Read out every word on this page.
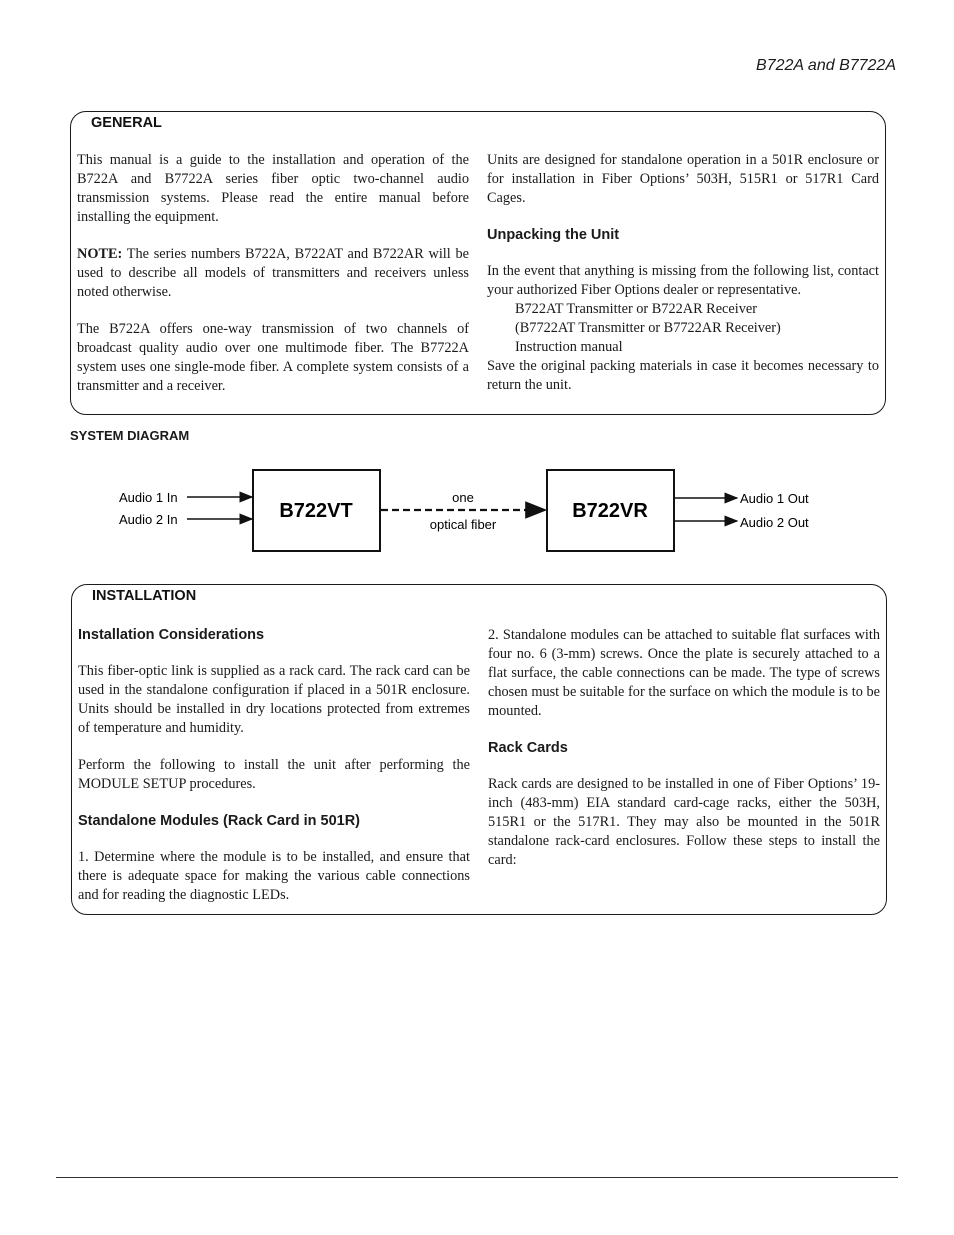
B722A and B7722A
GENERAL

This manual is a guide to the installation and operation of the B722A and B7722A series fiber optic two-channel audio transmission systems. Please read the entire manual before installing the equipment.

NOTE: The series numbers B722A, B722AT and B722AR will be used to describe all models of transmitters and receivers unless noted otherwise.

The B722A offers one-way transmission of two channels of broadcast quality audio over one multimode fiber. The B7722A system uses one single-mode fiber. A complete system consists of a transmitter and a receiver.

Units are designed for standalone operation in a 501R enclosure or for installation in Fiber Options’ 503H, 515R1 or 517R1 Card Cages.

Unpacking the Unit
In the event that anything is missing from the following list, contact your authorized Fiber Options dealer or representative.
B722AT Transmitter or B722AR Receiver
(B7722AT Transmitter or B7722AR Receiver)
Instruction manual
Save the original packing materials in case it becomes necessary to return the unit.
SYSTEM DIAGRAM
Audio 1 In
Audio 2 In	B722VT
one
optical fiber
B722VR
Audio 1 Out
Audio 2 Out
INSTALLATION
Installation Considerations

This fiber-optic link is supplied as a rack card. The rack card can be used in the standalone configuration if placed in a 501R enclosure. Units should be installed in dry locations protected from extremes of temperature and humidity.

Perform the following to install the unit after performing the MODULE SETUP procedures.

Standalone Modules (Rack Card in 501R)

1. Determine where the module is to be installed, and ensure that there is adequate space for making the various cable connections and for reading the diagnostic LEDs.

2. Standalone modules can be attached to suitable flat surfaces with four no. 6 (3-mm) screws. Once the plate is securely attached to a flat surface, the cable connections can be made. The type of screws chosen must be suitable for the surface on which the module is to be mounted.

Rack Cards

Rack cards are designed to be installed in one of Fiber Options’ 19-inch (483-mm) EIA standard card-cage racks, either the 503H, 515R1 or the 517R1. They may also be mounted in the 501R standalone rack-card enclosures. Follow these steps to install the card:
